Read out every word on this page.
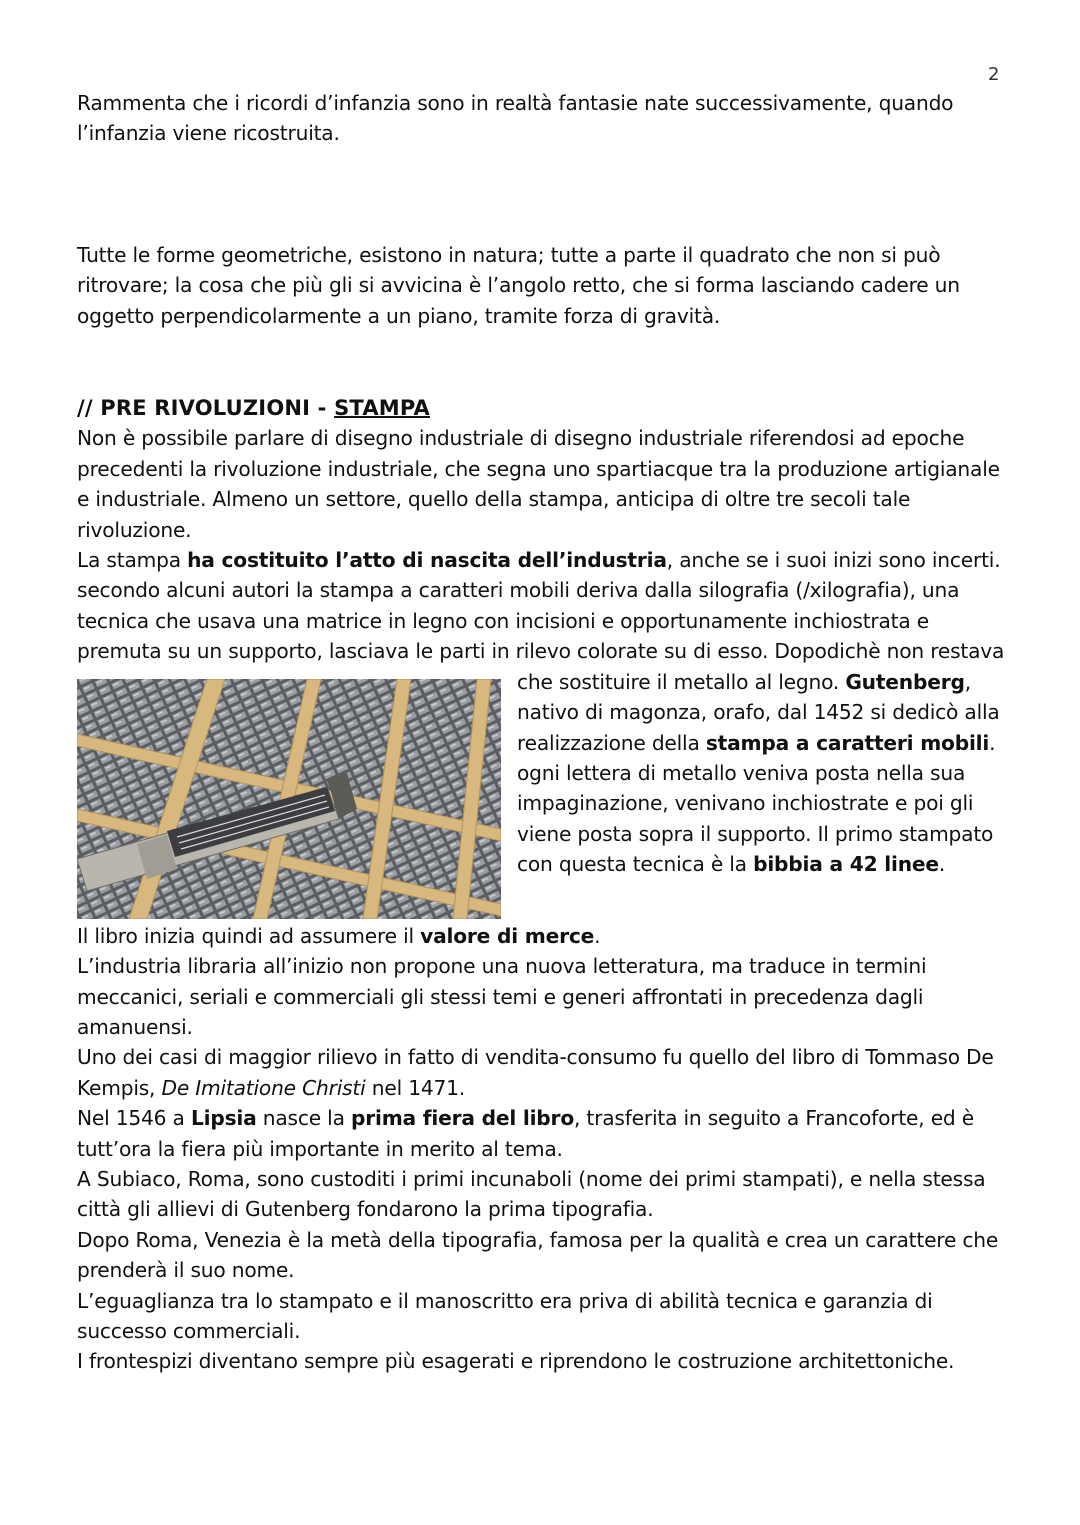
2

Rammenta che i ricordi d’infanzia sono in realtà fantasie nate successivamente, quando l’infanzia viene ricostruita.

Tutte le forme geometriche, esistono in natura; tutte a parte il quadrato che non si può ritrovare; la cosa che più gli si avvicina è l’angolo retto, che si forma lasciando cadere un oggetto perpendicolarmente a un piano, tramite forza di gravità.

// PRE RIVOLUZIONI - STAMPA

Non è possibile parlare di disegno industriale di disegno industriale riferendosi ad epoche precedenti la rivoluzione industriale, che segna uno spartiacque tra la produzione artigianale e industriale. Almeno un settore, quello della stampa, anticipa di oltre tre secoli tale rivoluzione.

La stampa ha costituito l’atto di nascita dell’industria, anche se i suoi inizi sono incerti. secondo alcuni autori la stampa a caratteri mobili deriva dalla silografia (/xilografia), una tecnica che usava una matrice in legno con incisioni e opportunamente inchiostrata e premuta su un supporto, lasciava le parti in rilevo colorate su di esso. Dopodichè non restava che sostituire il metallo al legno.
Gutenberg, nativo di magonza, orafo, dal 1452 si dedicò alla realizzazione della stampa a caratteri mobili. ogni lettera di metallo veniva posta nella sua impaginazione, venivano inchiostrate e poi gli viene posta sopra il supporto. Il primo stampato con questa tecnica è la bibbia a 42 linee.

Il libro inizia quindi ad assumere il valore di merce.

L’industria libraria all’inizio non propone una nuova letteratura, ma traduce in termini meccanici, seriali e commerciali gli stessi temi e generi affrontati in precedenza dagli amanuensi.

Uno dei casi di maggior rilievo in fatto di vendita-consumo fu quello del libro di Tommaso De Kempis, De Imitatione Christi nel 1471.

Nel 1546 a Lipsia nasce la prima fiera del libro, trasferita in seguito a Francoforte, ed è tutt’ora la fiera più importante in merito al tema.

A Subiaco, Roma, sono custoditi i primi incunaboli (nome dei primi stampati), e nella stessa città gli allievi di Gutenberg fondarono la prima tipografia.

Dopo Roma, Venezia è la metà della tipografia, famosa per la qualità e crea un carattere che prenderà il suo nome.

L’eguaglianza tra lo stampato e il manoscritto era priva di abilità tecnica e garanzia di successo commerciali.

I frontespizi diventano sempre più esagerati e riprendono le costruzione architettoniche.
